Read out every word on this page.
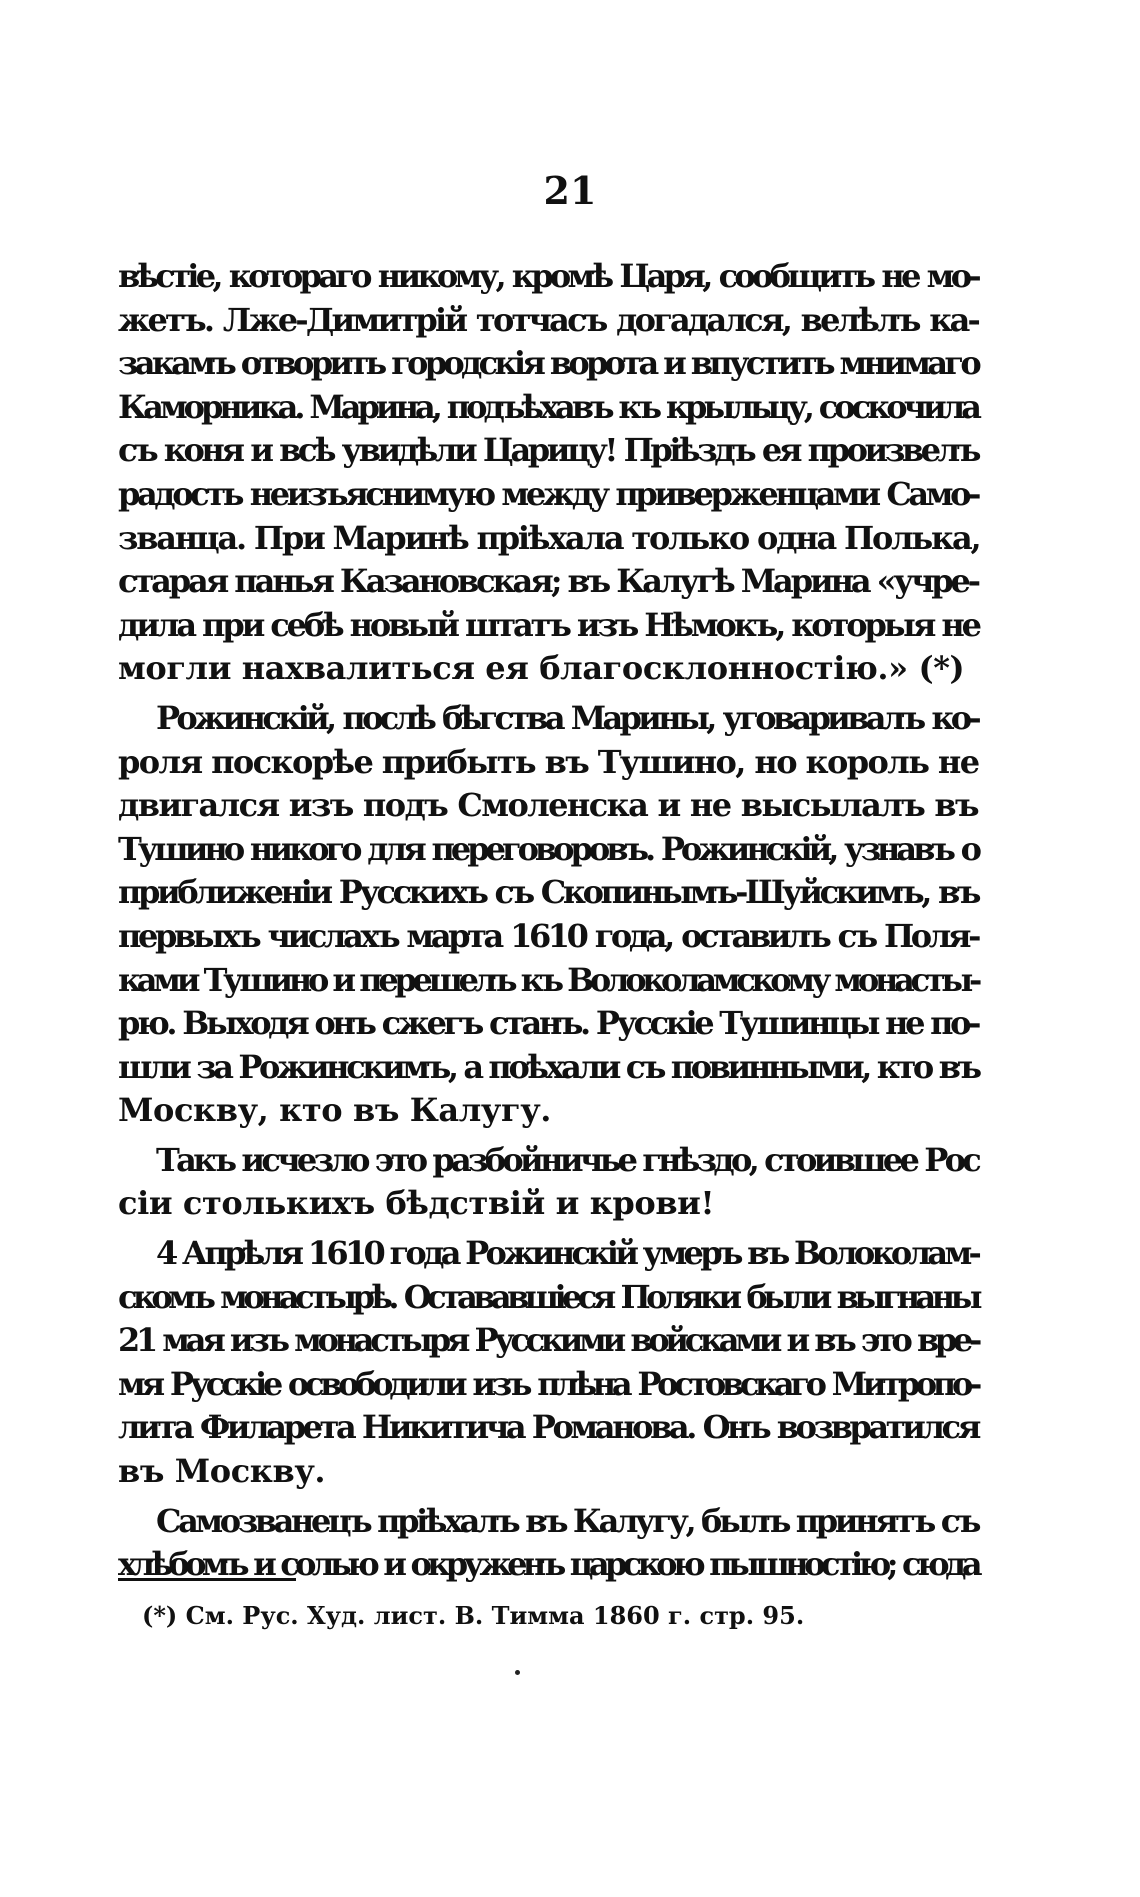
21
вѣстіе, котораго никому, кромѣ Царя, сообщить не мо-
жетъ. Лже-Димитрій тотчасъ догадался, велѣлъ ка-
закамъ отворить городскія ворота и впустить мнимаго
Каморника. Марина, подъѣхавъ къ крыльцу, соскочила
съ коня и всѣ увидѣли Царицу! Пріѣздъ ея произвелъ
радость неизъяснимую между приверженцами Само-
званца. При Маринѣ пріѣхала только одна Полька,
старая панья Казановская; въ Калугѣ Марина «учре-
дила при себѣ новый штатъ изъ Нѣмокъ, которыя не
могли нахвалиться ея благосклонностію.» (*)
Рожинскій, послѣ бѣгства Марины, уговаривалъ ко-
роля поскорѣе прибыть въ Тушино, но король не
двигался изъ подъ Смоленска и не высылалъ въ
Тушино никого для переговоровъ. Рожинскій, узнавъ о
приближеніи Русскихъ съ Скопинымъ-Шуйскимъ, въ
первыхъ числахъ марта 1610 года, оставилъ съ Поля-
ками Тушино и перешелъ къ Волоколамскому монасты-
рю. Выходя онъ сжегъ станъ. Русскіе Тушинцы не по-
шли за Рожинскимъ, а поѣхали съ повинными, кто въ
Москву, кто въ Калугу.
Такъ исчезло это разбойничье гнѣздо, стоившее Рос
сіи столькихъ бѣдствій и крови!
4 Апрѣля 1610 года Рожинскій умеръ въ Волоколам-
скомъ монастырѣ. Остававшіеся Поляки были выгнаны
21 мая изъ монастыря Русскими войсками и въ это вре-
мя Русскіе освободили изъ плѣна Ростовскаго Митропо-
лита Филарета Никитича Романова. Онъ возвратился
въ Москву.
Самозванецъ пріѣхалъ въ Калугу, былъ принятъ съ
хлѣбомъ и солью и окруженъ царскою пышностію; сюда
(*) См. Рус. Худ. лист. В. Тимма 1860 г. стр. 95.
